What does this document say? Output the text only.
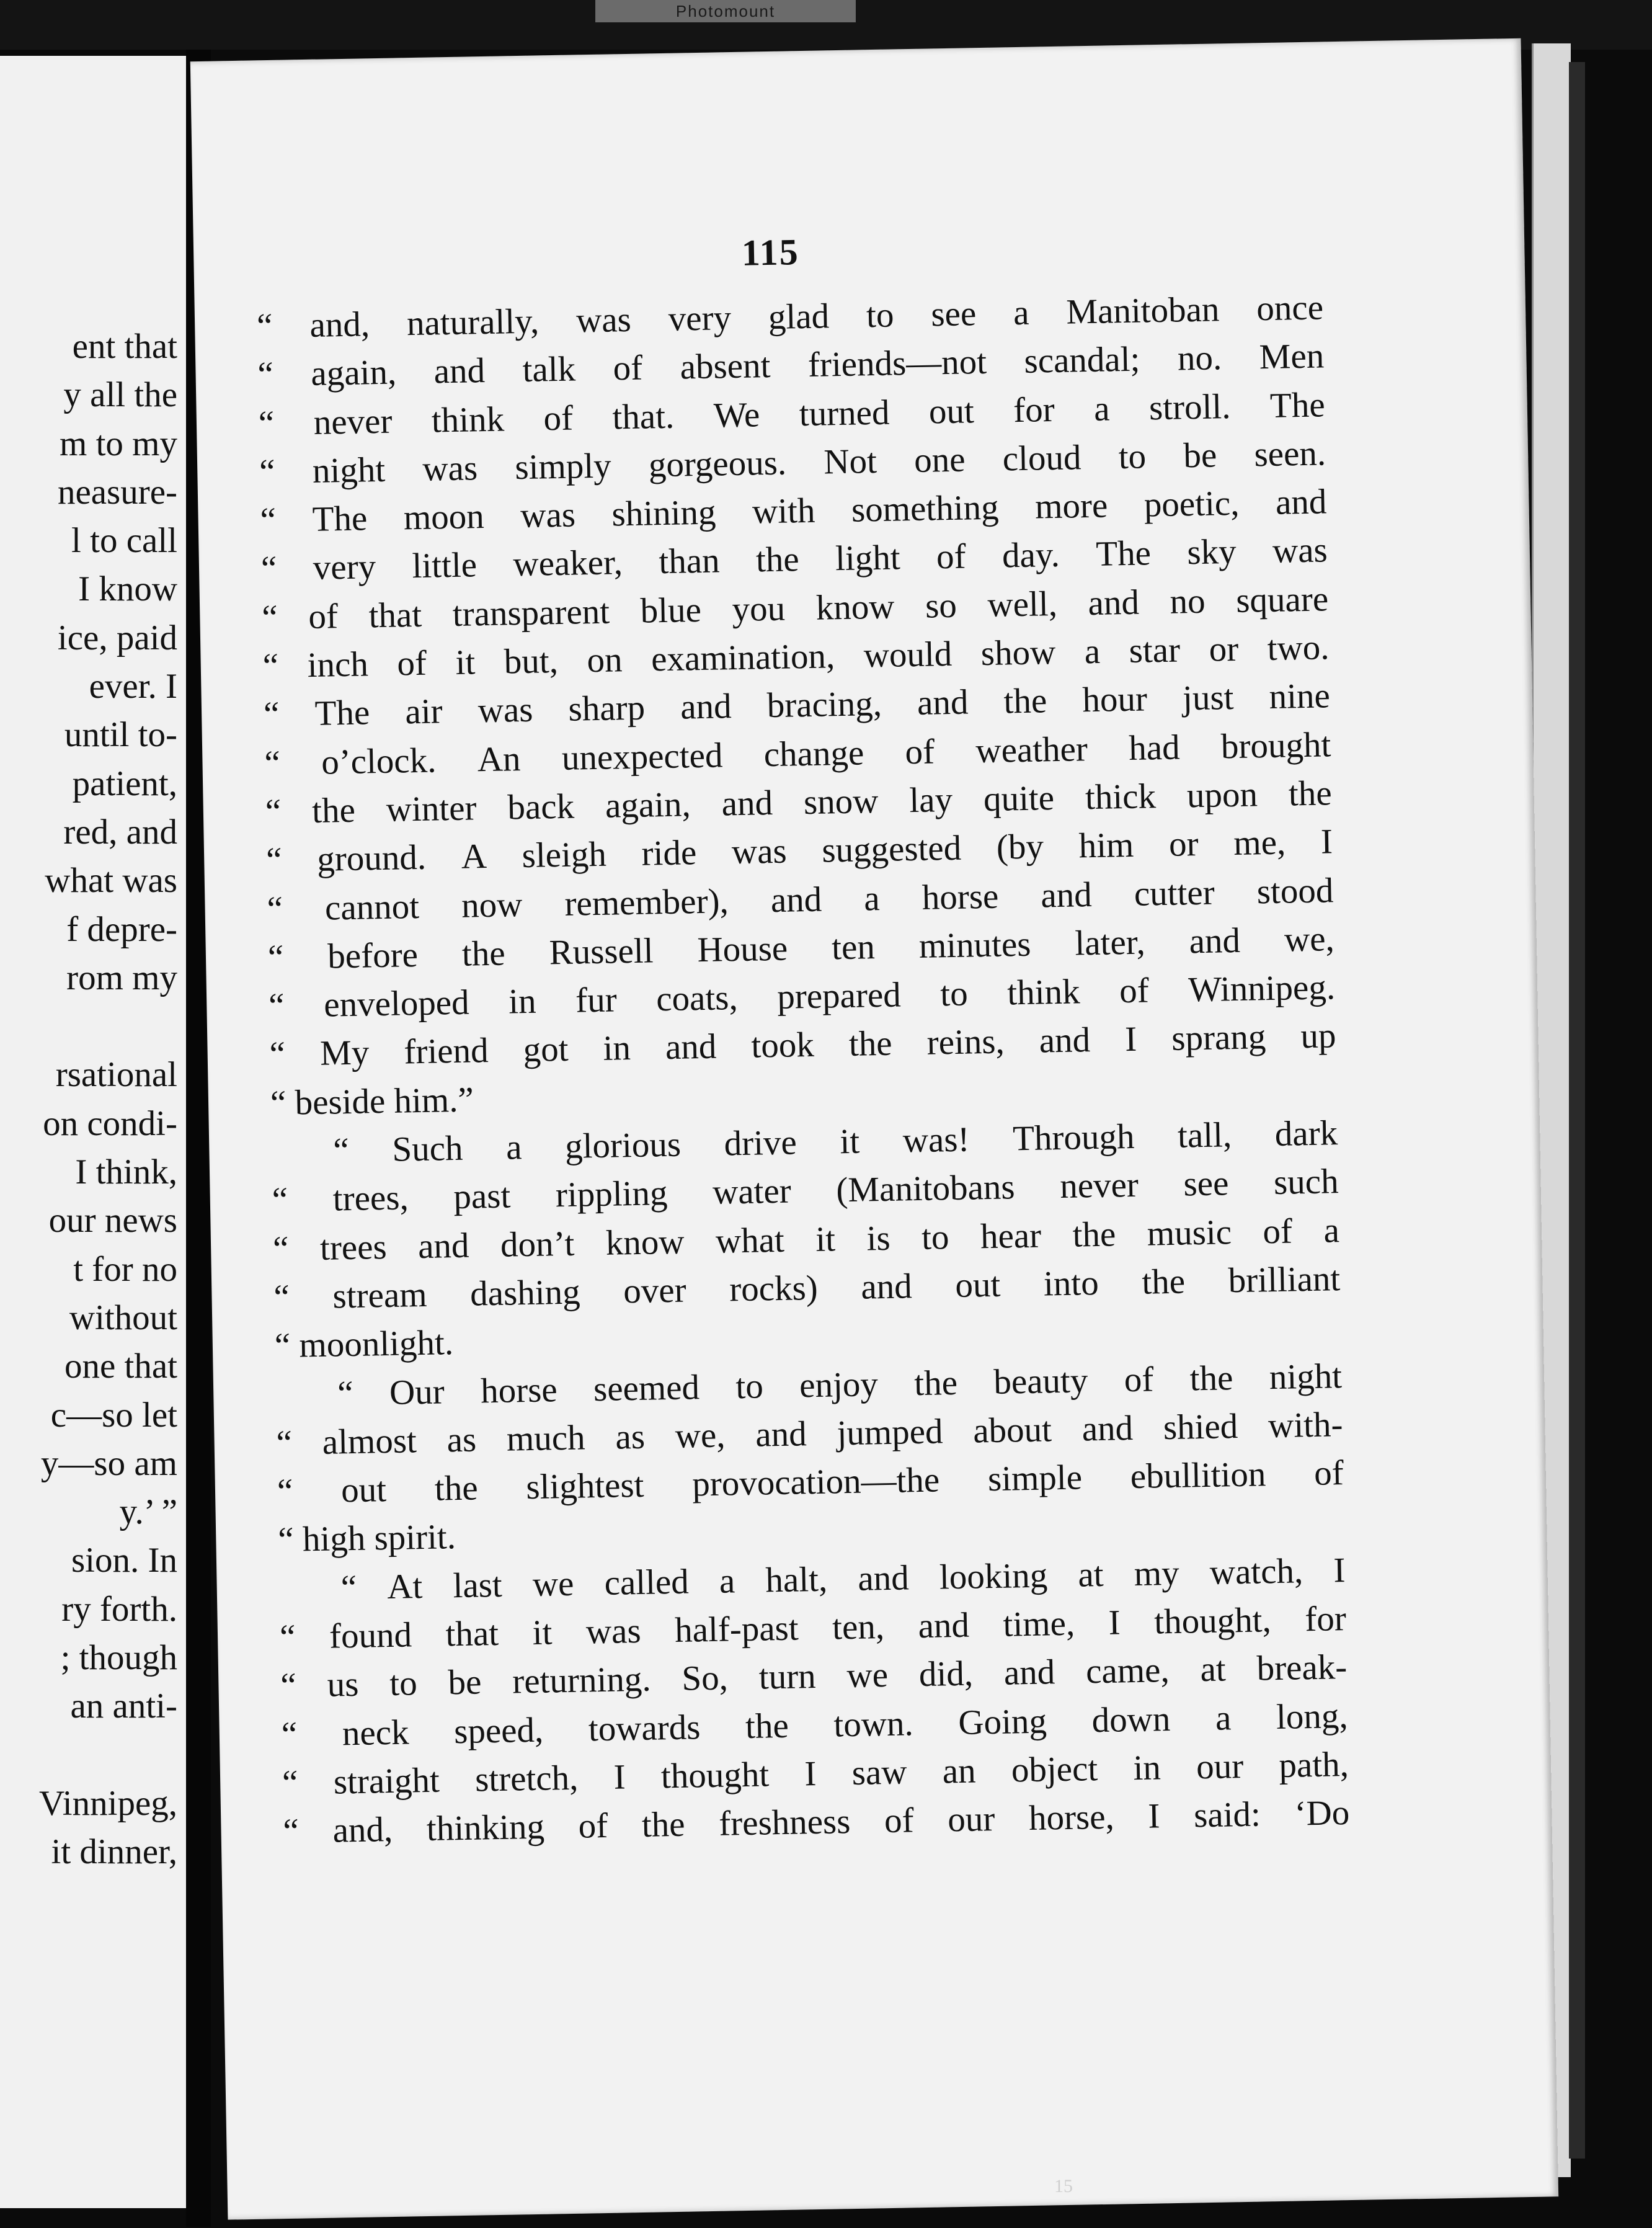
Photomount
ent that
y all the
m to my
neasure-
l to call
I know
ice, paid
ever. I
until to-
patient,
red, and
what was
f depre-
rom my
rsational
on condi-
I think,
our news
t for no
without
one that
c—so let
y—so am
y.’ ”
sion. In
ry forth.
; though
an anti-
Vinnipeg,
it dinner,
115
“ and, naturally, was very glad to see a Manitoban once
“ again, and talk of absent friends—not scandal; no. Men
“ never think of that. We turned out for a stroll. The
“ night was simply gorgeous. Not one cloud to be seen.
“ The moon was shining with something more poetic, and
“ very little weaker, than the light of day. The sky was
“ of that transparent blue you know so well, and no square
“ inch of it but, on examination, would show a star or two.
“ The air was sharp and bracing, and the hour just nine
“ o’clock. An unexpected change of weather had brought
“ the winter back again, and snow lay quite thick upon the
“ ground. A sleigh ride was suggested (by him or me, I
“ cannot now remember), and a horse and cutter stood
“ before the Russell House ten minutes later, and we,
“ enveloped in fur coats, prepared to think of Winnipeg.
“ My friend got in and took the reins, and I sprang up
“ beside him.”
“ Such a glorious drive it was! Through tall, dark
“ trees, past rippling water (Manitobans never see such
“ trees and don’t know what it is to hear the music of a
“ stream dashing over rocks) and out into the brilliant
“ moonlight.
“ Our horse seemed to enjoy the beauty of the night
“ almost as much as we, and jumped about and shied with-
“ out the slightest provocation—the simple ebullition of
“ high spirit.
“ At last we called a halt, and looking at my watch, I
“ found that it was half-past ten, and time, I thought, for
“ us to be returning. So, turn we did, and came, at break-
“ neck speed, towards the town. Going down a long,
“ straight stretch, I thought I saw an object in our path,
“ and, thinking of the freshness of our horse, I said: ‘Do
15
